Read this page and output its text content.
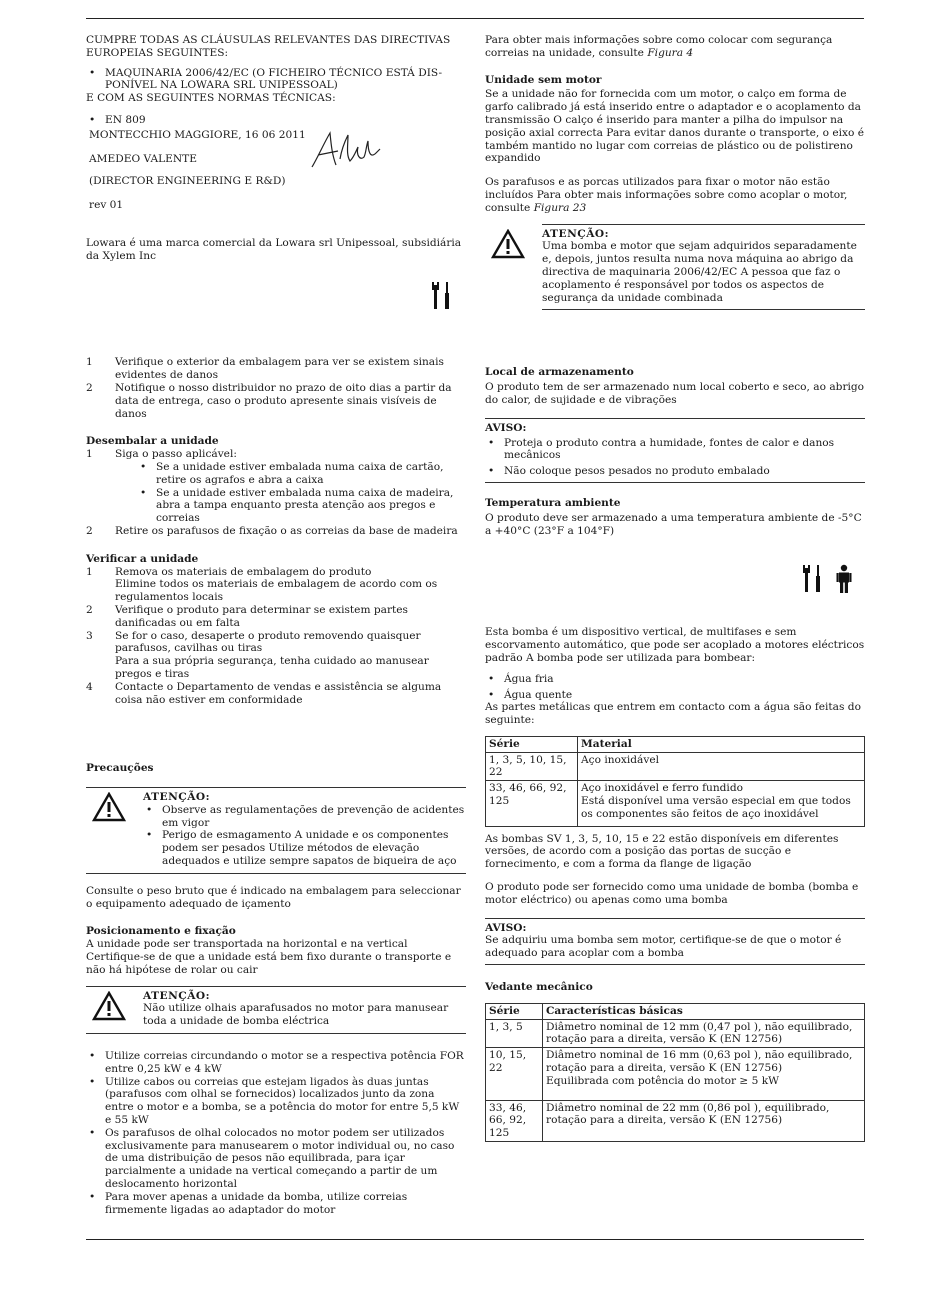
CUMPRE TODAS AS CLÁUSULAS RELEVANTES DAS DIRECTIVAS EUROPEIAS SEGUINTES:

• MAQUINARIA 2006/42/EC (O FICHEIRO TÉCNICO ESTÁ DIS-PONÍVEL NA LOWARA SRL UNIPESSOAL)

E COM AS SEGUINTES NORMAS TÉCNICAS:

• EN 809

MONTECCHIO MAGGIORE, 16 06 2011

AMEDEO VALENTE

(DIRECTOR ENGINEERING E R&D)

rev 01

Lowara é uma marca comercial da Lowara srl Unipessoal, subsidiária da Xylem Inc

1 Verifique o exterior da embalagem para ver se existem sinais evidentes de danos
2 Notifique o nosso distribuidor no prazo de oito dias a partir da data de entrega, caso o produto apresente sinais visíveis de danos

Desembalar a unidade

1 Siga o passo aplicável:
• Se a unidade estiver embalada numa caixa de cartão, retire os agrafos e abra a caixa
• Se a unidade estiver embalada numa caixa de madeira, abra a tampa enquanto presta atenção aos pregos e correias
2 Retire os parafusos de fixação o as correias da base de madeira

Verificar a unidade

1 Remova os materiais de embalagem do produto
Elimine todos os materiais de embalagem de acordo com os regulamentos locais
2 Verifique o produto para determinar se existem partes danificadas ou em falta
3 Se for o caso, desaperte o produto removendo quaisquer parafusos, cavilhas ou tiras
Para a sua própria segurança, tenha cuidado ao manusear pregos e tiras
4 Contacte o Departamento de vendas e assistência se alguma coisa não estiver em conformidade

Precauções

ATENÇÃO:

• Observe as regulamentações de prevenção de acidentes em vigor
• Perigo de esmagamento A unidade e os componentes podem ser pesados Utilize métodos de elevação adequados e utilize sempre sapatos de biqueira de aço

Consulte o peso bruto que é indicado na embalagem para seleccionar o equipamento adequado de içamento

Posicionamento e fixação

A unidade pode ser transportada na horizontal e na vertical Certifique-se de que a unidade está bem fixo durante o transporte e não há hipótese de rolar ou cair

ATENÇÃO:

Não utilize olhais aparafusados no motor para manusear toda a unidade de bomba eléctrica

• Utilize correias circundando o motor se a respectiva potência FOR entre 0,25 kW e 4 kW
• Utilize cabos ou correias que estejam ligados às duas juntas (parafusos com olhal se fornecidos) localizados junto da zona entre o motor e a bomba, se a potência do motor for entre 5,5 kW e 55 kW
• Os parafusos de olhal colocados no motor podem ser utilizados exclusivamente para manusearem o motor individual ou, no caso de uma distribuição de pesos não equilibrada, para içar parcialmente a unidade na vertical começando a partir de um deslocamento horizontal
• Para mover apenas a unidade da bomba, utilize correias firmemente ligadas ao adaptador do motor

Para obter mais informações sobre como colocar com segurança correias na unidade, consulte Figura 4

Unidade sem motor

Se a unidade não for fornecida com um motor, o calço em forma de garfo calibrado já está inserido entre o adaptador e o acoplamento da transmissão O calço é inserido para manter a pilha do impulsor na posição axial correcta Para evitar danos durante o transporte, o eixo é também mantido no lugar com correias de plástico ou de polistireno expandido

Os parafusos e as porcas utilizados para fixar o motor não estão incluídos Para obter mais informações sobre como acoplar o motor, consulte Figura 23

ATENÇÃO:

Uma bomba e motor que sejam adquiridos separadamente e, depois, juntos resulta numa nova máquina ao abrigo da directiva de maquinaria 2006/42/EC A pessoa que faz o acoplamento é responsável por todos os aspectos de segurança da unidade combinada

Local de armazenamento

O produto tem de ser armazenado num local coberto e seco, ao abrigo do calor, de sujidade e de vibrações

AVISO:

• Proteja o produto contra a humidade, fontes de calor e danos mecânicos
• Não coloque pesos pesados no produto embalado

Temperatura ambiente

O produto deve ser armazenado a uma temperatura ambiente de -5°C a +40°C (23°F a 104°F)

Esta bomba é um dispositivo vertical, de multifases e sem escorvamento automático, que pode ser acoplado a motores eléctricos padrão A bomba pode ser utilizada para bombear:

• Água fria
• Água quente

As partes metálicas que entrem em contacto com a água são feitas do seguinte:

Série	Material
1, 3, 5, 10, 15, 22	Aço inoxidável
33, 46, 66, 92, 125	Aço inoxidável e ferro fundido
Está disponível uma versão especial em que todos os componentes são feitos de aço inoxidável

As bombas SV 1, 3, 5, 10, 15 e 22 estão disponíveis em diferentes versões, de acordo com a posição das portas de sucção e fornecimento, e com a forma da flange de ligação

O produto pode ser fornecido como uma unidade de bomba (bomba e motor eléctrico) ou apenas como uma bomba

AVISO:

Se adquiriu uma bomba sem motor, certifique-se de que o motor é adequado para acoplar com a bomba

Vedante mecânico

Série	Características básicas
1, 3, 5	Diâmetro nominal de 12 mm (0,47 pol ), não equilibrado, rotação para a direita, versão K (EN 12756)
10, 15, 22	Diâmetro nominal de 16 mm (0,63 pol ), não equilibrado, rotação para a direita, versão K (EN 12756)
Equilibrada com potência do motor ≥ 5 kW
33, 46, 66, 92, 125	Diâmetro nominal de 22 mm (0,86 pol ), equilibrado, rotação para a direita, versão K (EN 12756)
